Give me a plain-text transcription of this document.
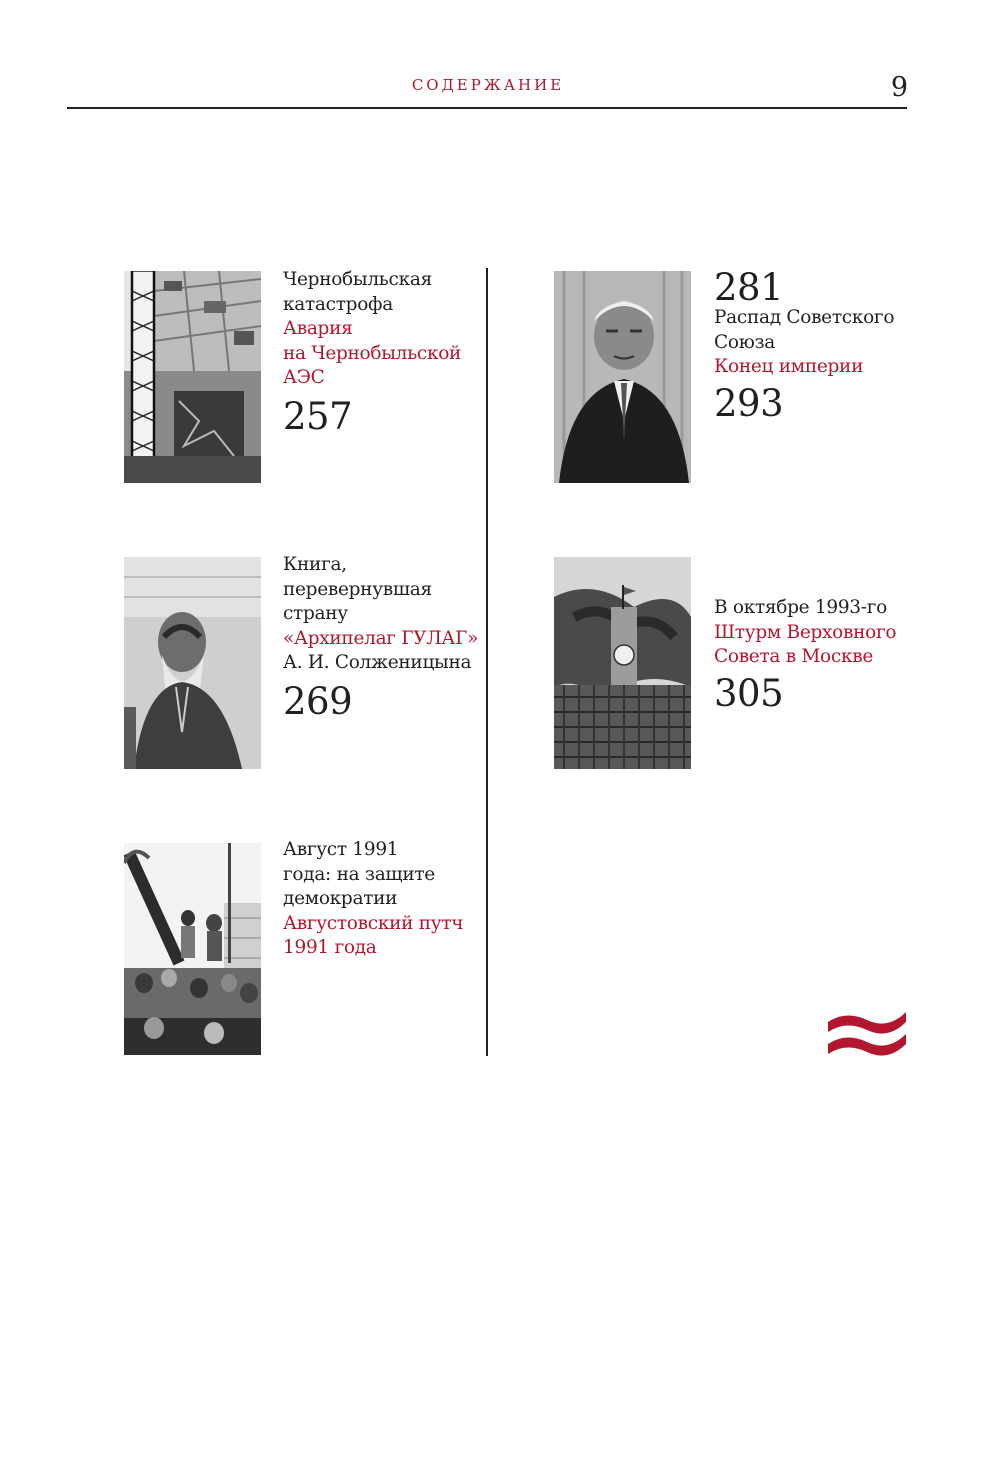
СОДЕРЖАНИЕ	9
Чернобыльская
катастрофа
Авария
на Чернобыльской
АЭС
257
Книга,
перевернувшая
страну
«Архипелаг ГУЛАГ»
А. И. Солженицына
269
Август 1991
года: на защите
демократии
Августовский путч
1991 года
281
Распад Советского
Союза
Конец империи
293
В октябре 1993-го
Штурм Верховного
Совета в Москве
305
